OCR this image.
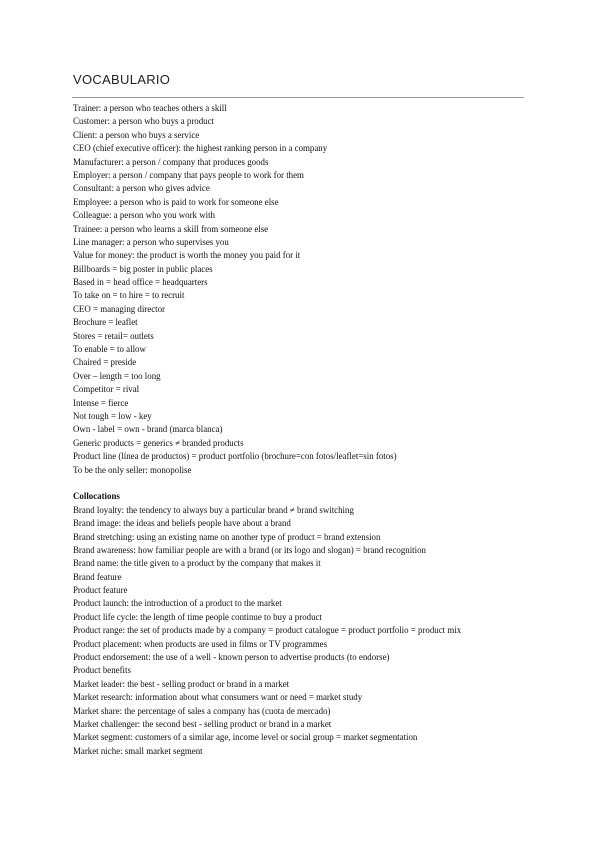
VOCABULARIO
Trainer: a person who teaches others a skill
Customer: a person who buys a product
Client: a person who buys a service
CEO (chief executive officer): the highest ranking person in a company
Manufacturer: a person / company that produces goods
Employer: a person / company that pays people to work for them
Consultant: a person who gives advice
Employee: a person who is paid to work for someone else
Colleague: a person who you work with
Trainee: a person who learns a skill from someone else
Line manager: a person who supervises you
Value for money: the product is worth the money you paid for it
Billboards = big poster in public places
Based in = head office = headquarters
To take on = to hire = to recruit
CEO = managing director
Brochure = leaflet
Stores = retail= outlets
To enable = to allow
Chaired = preside
Over – length = too long
Competitor = rival
Intense = fierce
Not tough = low - key
Own - label = own - brand (marca blanca)
Generic products = generics ≠ branded products
Product line (línea de productos) = product portfolio (brochure=con fotos/leaflet=sin fotos)
To be the only seller: monopolise
Collocations
Brand loyalty: the tendency to always buy a particular brand ≠ brand switching
Brand image: the ideas and beliefs people have about a brand
Brand stretching: using an existing name on another type of product = brand extension
Brand awareness: how familiar people are with a brand (or its logo and slogan) = brand recognition
Brand name: the title given to a product by the company that makes it
Brand feature
Product feature
Product launch: the introduction of a product to the market
Product life cycle: the length of time people continue to buy a product
Product range: the set of products made by a company = product catalogue = product portfolio = product mix
Product placement: when products are used in films or TV programmes
Product endorsement: the use of a well - known person to advertise products (to endorse)
Product benefits
Market leader: the best - selling product or brand in a market
Market research: information about what consumers want or need = market study
Market share: the percentage of sales a company has (cuota de mercado)
Market challenger: the second best - selling product or brand in a market
Market segment: customers of a similar age, income level or social group = market segmentation
Market niche: small market segment
